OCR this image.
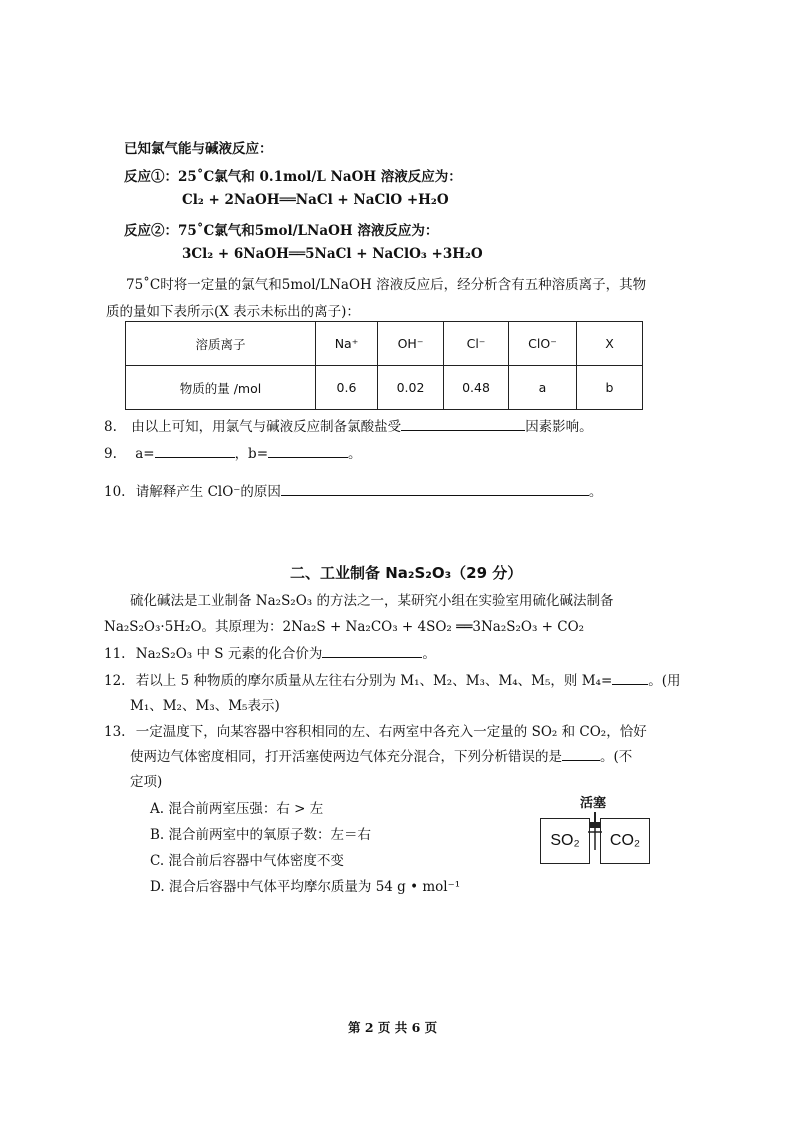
已知氯气能与碱液反应：
反应①：25˚C氯气和 0.1mol/L NaOH 溶液反应为：
Cl₂ + 2NaOH══NaCl + NaClO +H₂O
反应②：75˚C氯气和5mol/LNaOH 溶液反应为：
3Cl₂ + 6NaOH══5NaCl + NaClO₃ +3H₂O
75˚C时将一定量的氯气和5mol/LNaOH 溶液反应后，经分析含有五种溶质离子，其物
质的量如下表所示(X 表示未标出的离子)：
溶质离子	Na⁺	OH⁻	Cl⁻	ClO⁻	X
物质的量 /mol	0.6	0.02	0.48	a	b
8. 由以上可知，用氯气与碱液反应制备氯酸盐受	因素影响。
9. a=	，b=	。
10. 请解释产生 ClO⁻的原因	。
二、工业制备 Na₂S₂O₃（29 分）
硫化碱法是工业制备 Na₂S₂O₃ 的方法之一，某研究小组在实验室用硫化碱法制备
Na₂S₂O₃·5H₂O。其原理为：2Na₂S + Na₂CO₃ + 4SO₂ ══3Na₂S₂O₃ + CO₂
11. Na₂S₂O₃ 中 S 元素的化合价为	。
12. 若以上 5 种物质的摩尔质量从左往右分别为 M₁、M₂、M₃、M₄、M₅，则 M₄=	。(用
M₁、M₂、M₃、M₅表示)
13. 一定温度下，向某容器中容积相同的左、右两室中各充入一定量的 SO₂ 和 CO₂，恰好
使两边气体密度相同，打开活塞使两边气体充分混合，下列分析错误的是	。(不
定项)
A. 混合前两室压强：右 > 左
B. 混合前两室中的氧原子数：左＝右
C. 混合前后容器中气体密度不变
D. 混合后容器中气体平均摩尔质量为 54 g • mol⁻¹
活塞
SO₂	CO₂
第 2 页 共 6 页
